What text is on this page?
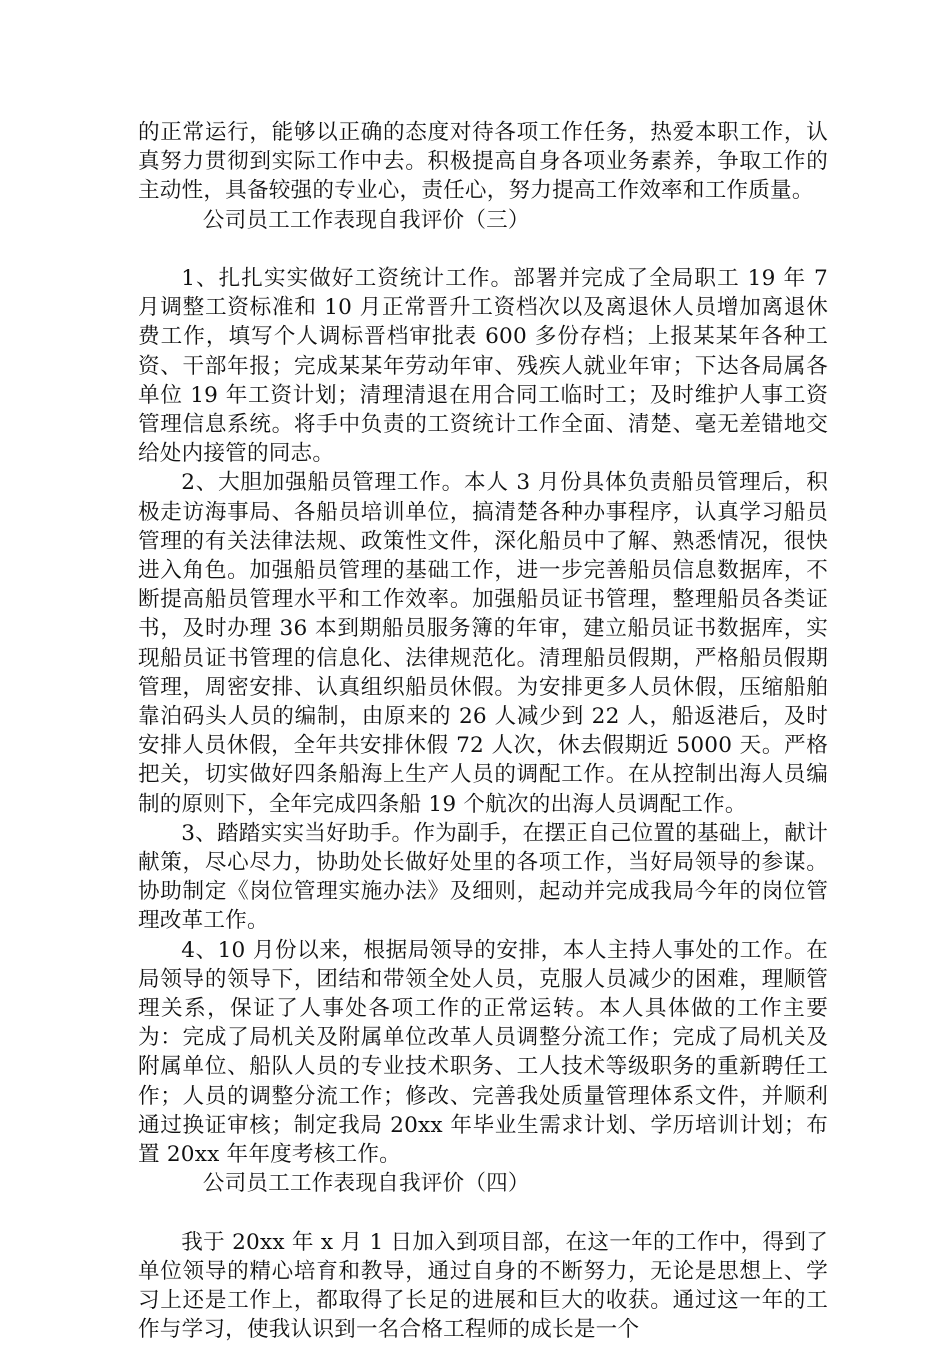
的正常运行，能够以正确的态度对待各项工作任务，热爱本职工作，认真努力贯彻到实际工作中去。积极提高自身各项业务素养，争取工作的主动性，具备较强的专业心，责任心，努力提高工作效率和工作质量。

公司员工工作表现自我评价（三）

1、扎扎实实做好工资统计工作。部署并完成了全局职工 19 年 7 月调整工资标准和 10 月正常晋升工资档次以及离退休人员增加离退休费工作，填写个人调标晋档审批表 600 多份存档；上报某某年各种工资、干部年报；完成某某年劳动年审、残疾人就业年审；下达各局属各单位 19 年工资计划；清理清退在用合同工临时工；及时维护人事工资管理信息系统。将手中负责的工资统计工作全面、清楚、毫无差错地交给处内接管的同志。

2、大胆加强船员管理工作。本人 3 月份具体负责船员管理后，积极走访海事局、各船员培训单位，搞清楚各种办事程序，认真学习船员管理的有关法律法规、政策性文件，深化船员中了解、熟悉情况，很快进入角色。加强船员管理的基础工作，进一步完善船员信息数据库，不断提高船员管理水平和工作效率。加强船员证书管理，整理船员各类证书，及时办理 36 本到期船员服务簿的年审，建立船员证书数据库，实现船员证书管理的信息化、法律规范化。清理船员假期，严格船员假期管理，周密安排、认真组织船员休假。为安排更多人员休假，压缩船舶靠泊码头人员的编制，由原来的 26 人减少到 22 人，船返港后，及时安排人员休假，全年共安排休假 72 人次，休去假期近 5000 天。严格把关，切实做好四条船海上生产人员的调配工作。在从控制出海人员编制的原则下，全年完成四条船 19 个航次的出海人员调配工作。

3、踏踏实实当好助手。作为副手，在摆正自己位置的基础上，献计献策，尽心尽力，协助处长做好处里的各项工作，当好局领导的参谋。协助制定《岗位管理实施办法》及细则，起动并完成我局今年的岗位管理改革工作。

4、10 月份以来，根据局领导的安排，本人主持人事处的工作。在局领导的领导下，团结和带领全处人员，克服人员减少的困难，理顺管理关系，保证了人事处各项工作的正常运转。本人具体做的工作主要为：完成了局机关及附属单位改革人员调整分流工作；完成了局机关及附属单位、船队人员的专业技术职务、工人技术等级职务的重新聘任工作；人员的调整分流工作；修改、完善我处质量管理体系文件，并顺利通过换证审核；制定我局 20xx 年毕业生需求计划、学历培训计划；布置 20xx 年年度考核工作。

公司员工工作表现自我评价（四）

我于 20xx 年 x 月 1 日加入到项目部，在这一年的工作中，得到了单位领导的精心培育和教导，通过自身的不断努力，无论是思想上、学习上还是工作上，都取得了长足的进展和巨大的收获。通过这一年的工作与学习，使我认识到一名合格工程师的成长是一个
